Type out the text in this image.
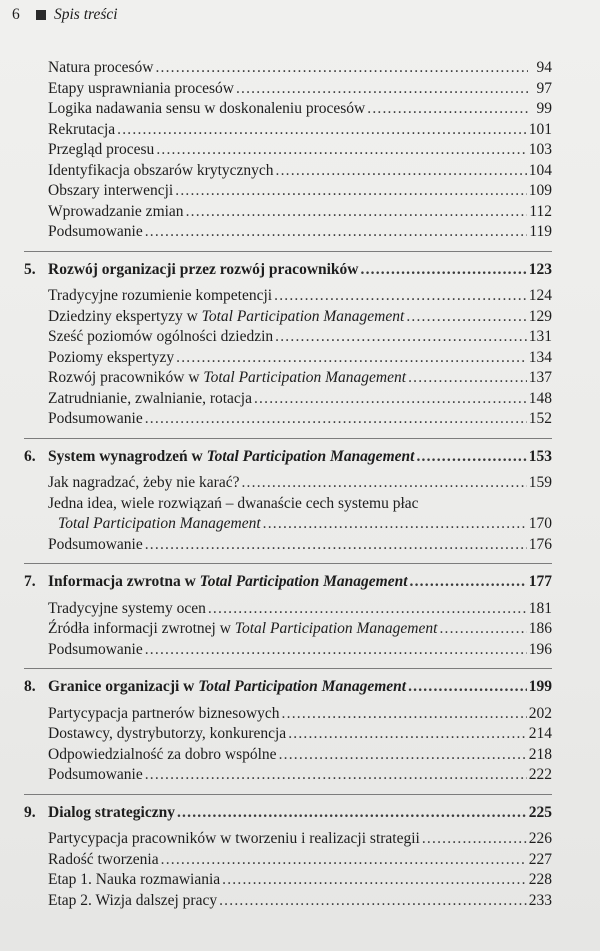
6	Spis treści
Natura procesów .....	94
Etapy usprawniania procesów .....	97
Logika nadawania sensu w doskonaleniu procesów .....	99
Rekrutacja .....	101
Przegląd procesu .....	103
Identyfikacja obszarów krytycznych .....	104
Obszary interwencji .....	109
Wprowadzanie zmian .....	112
Podsumowanie .....	119
5. Rozwój organizacji przez rozwój pracowników .....	123
Tradycyjne rozumienie kompetencji .....	124
Dziedziny ekspertyzy w Total Participation Management .....	129
Sześć poziomów ogólności dziedzin .....	131
Poziomy ekspertyzy .....	134
Rozwój pracowników w Total Participation Management .....	137
Zatrudnianie, zwalnianie, rotacja .....	148
Podsumowanie .....	152
6. System wynagrodzeń w Total Participation Management .....	153
Jak nagradzać, żeby nie karać? .....	159
Jedna idea, wiele rozwiązań – dwanaście cech systemu płac
Total Participation Management .....	170
Podsumowanie .....	176
7. Informacja zwrotna w Total Participation Management .....	177
Tradycyjne systemy ocen .....	181
Źródła informacji zwrotnej w Total Participation Management .....	186
Podsumowanie .....	196
8. Granice organizacji w Total Participation Management .....	199
Partycypacja partnerów biznesowych .....	202
Dostawcy, dystrybutorzy, konkurencja .....	214
Odpowiedzialność za dobro wspólne .....	218
Podsumowanie .....	222
9. Dialog strategiczny .....	225
Partycypacja pracowników w tworzeniu i realizacji strategii .....	226
Radość tworzenia .....	227
Etap 1. Nauka rozmawiania .....	228
Etap 2. Wizja dalszej pracy .....	233
